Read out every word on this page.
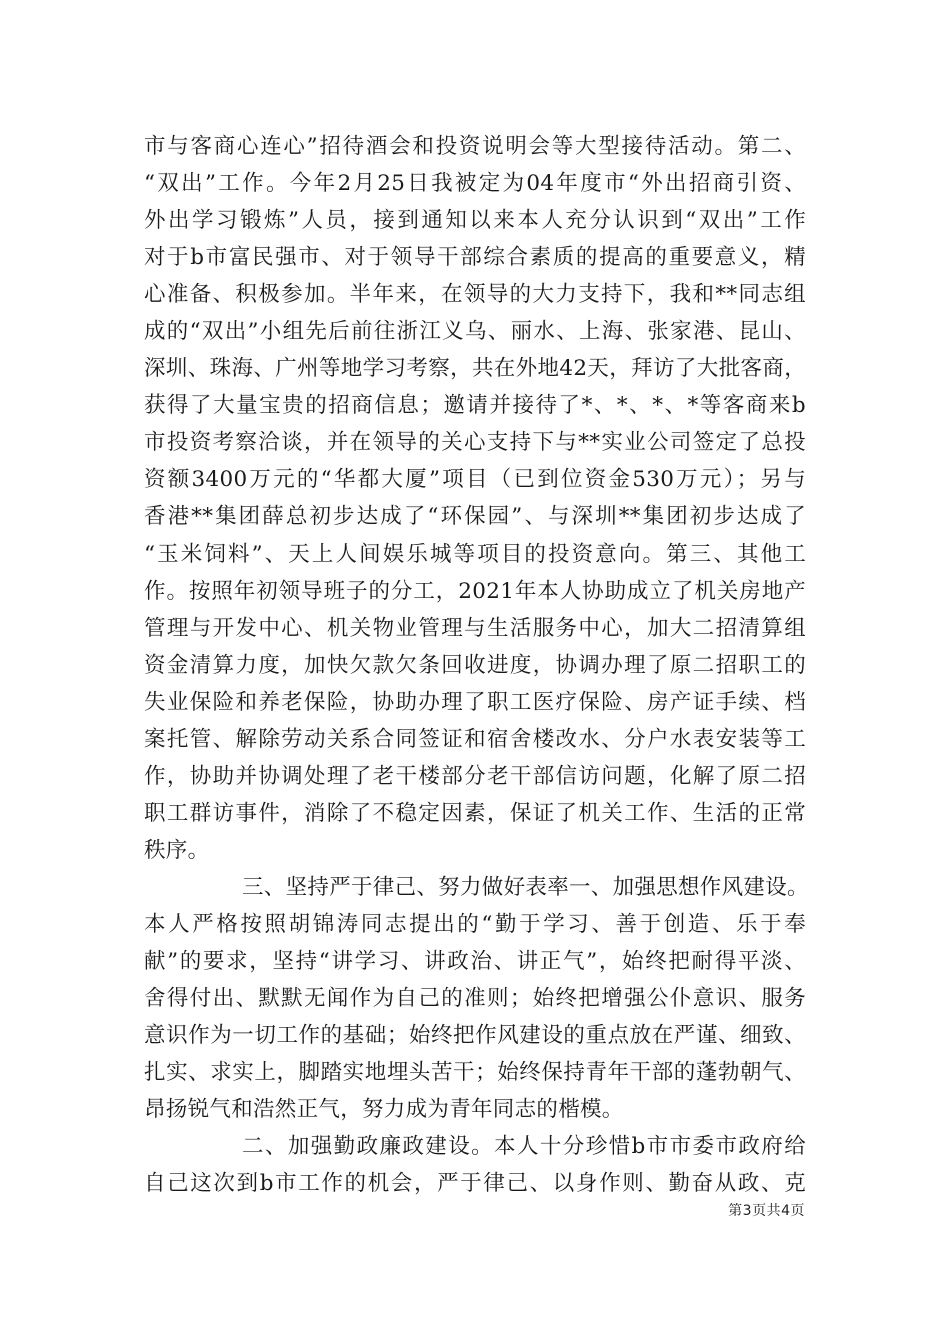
市与客商心连心”招待酒会和投资说明会等大型接待活动。第二、
“双出”工作。今年2月25日我被定为04年度市“外出招商引资、
外出学习锻炼”人员，接到通知以来本人充分认识到“双出”工作
对于b市富民强市、对于领导干部综合素质的提高的重要意义，精
心准备、积极参加。半年来，在领导的大力支持下，我和**同志组
成的“双出”小组先后前往浙江义乌、丽水、上海、张家港、昆山、
深圳、珠海、广州等地学习考察，共在外地42天，拜访了大批客商，
获得了大量宝贵的招商信息；邀请并接待了*、*、*、*等客商来b
市投资考察洽谈，并在领导的关心支持下与**实业公司签定了总投
资额3400万元的“华都大厦”项目（已到位资金530万元）；另与
香港**集团薛总初步达成了“环保园”、与深圳**集团初步达成了
“玉米饲料”、天上人间娱乐城等项目的投资意向。第三、其他工
作。按照年初领导班子的分工，2021年本人协助成立了机关房地产
管理与开发中心、机关物业管理与生活服务中心，加大二招清算组
资金清算力度，加快欠款欠条回收进度，协调办理了原二招职工的
失业保险和养老保险，协助办理了职工医疗保险、房产证手续、档
案托管、解除劳动关系合同签证和宿舍楼改水、分户水表安装等工
作，协助并协调处理了老干楼部分老干部信访问题，化解了原二招
职工群访事件，消除了不稳定因素，保证了机关工作、生活的正常
秩序。
三、坚持严于律己、努力做好表率一、加强思想作风建设。
本人严格按照胡锦涛同志提出的“勤于学习、善于创造、乐于奉
献”的要求，坚持“讲学习、讲政治、讲正气”，始终把耐得平淡、
舍得付出、默默无闻作为自己的准则；始终把增强公仆意识、服务
意识作为一切工作的基础；始终把作风建设的重点放在严谨、细致、
扎实、求实上，脚踏实地埋头苦干；始终保持青年干部的蓬勃朝气、
昂扬锐气和浩然正气，努力成为青年同志的楷模。
二、加强勤政廉政建设。本人十分珍惜b市市委市政府给
自己这次到b市工作的机会，严于律己、以身作则、勤奋从政、克
第3页共4页
